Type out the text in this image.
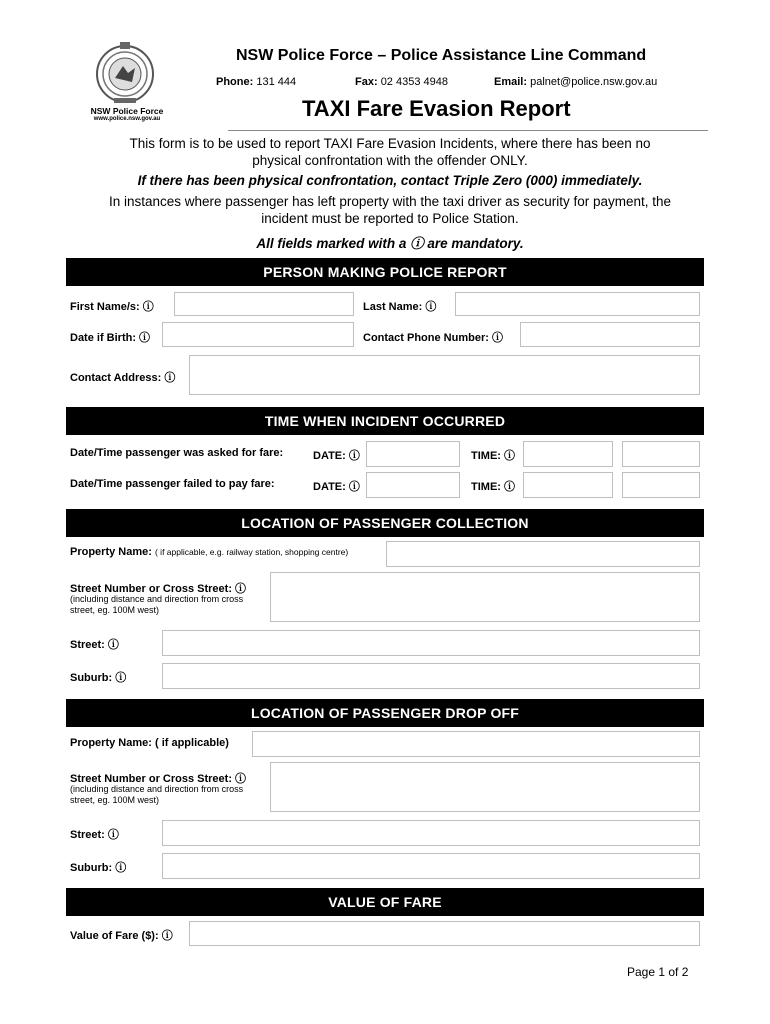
NSW Police Force
www.police.nsw.gov.au
NSW Police Force – Police Assistance Line Command
Phone: 131 444	Fax: 02 4353 4948	Email: palnet@police.nsw.gov.au
TAXI Fare Evasion Report
This form is to be used to report TAXI Fare Evasion Incidents, where there has been no
physical confrontation with the offender ONLY.
If there has been physical confrontation, contact Triple Zero (000) immediately.
In instances where passenger has left property with the taxi driver as security for payment, the
incident must be reported to Police Station.
All fields marked with a ⓘ are mandatory.
PERSON MAKING POLICE REPORT
First Name/s: ⓘ	Last Name: ⓘ
Date if Birth: ⓘ	Contact Phone Number: ⓘ
Contact Address: ⓘ
TIME WHEN INCIDENT OCCURRED
Date/Time passenger was asked for fare:	DATE: ⓘ	TIME: ⓘ
Date/Time passenger failed to pay fare:	DATE: ⓘ	TIME: ⓘ
LOCATION OF PASSENGER COLLECTION
Property Name: ( if applicable, e.g. railway station, shopping centre)
Street Number or Cross Street: ⓘ
(including distance and direction from cross
street, eg. 100M west)
Street: ⓘ
Suburb: ⓘ
LOCATION OF PASSENGER DROP OFF
Property Name: ( if applicable)
Street Number or Cross Street: ⓘ
(including distance and direction from cross
street, eg. 100M west)
Street: ⓘ
Suburb: ⓘ
VALUE OF FARE
Value of Fare ($): ⓘ
Page 1 of 2
